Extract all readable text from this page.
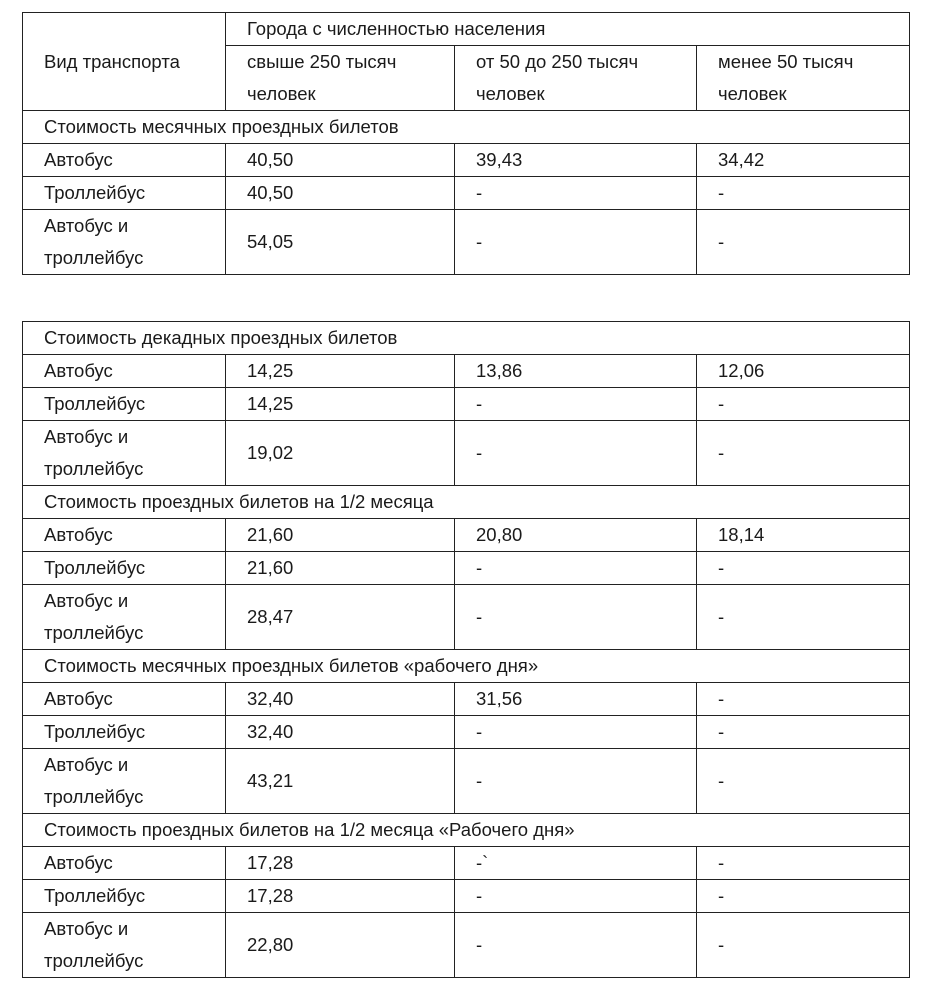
Вид транспорта	Города с численностью населения		
	свыше 250 тысяч человек	от 50 до 250 тысяч человек	менее 50 тысяч человек
Стоимость месячных проездных билетов			
Автобус	40,50	39,43	34,42
Троллейбус	40,50	-	-
Автобус и троллейбус	54,05	-	-
Стоимость декадных проездных билетов			
Автобус	14,25	13,86	12,06
Троллейбус	14,25	-	-
Автобус и троллейбус	19,02	-	-
Стоимость проездных билетов на 1/2 месяца			
Автобус	21,60	20,80	18,14
Троллейбус	21,60	-	-
Автобус и троллейбус	28,47	-	-
Стоимость месячных проездных билетов «рабочего дня»			
Автобус	32,40	31,56	-
Троллейбус	32,40	-	-
Автобус и троллейбус	43,21	-	-
Стоимость проездных билетов на 1/2 месяца «Рабочего дня»			
Автобус	17,28	-`	-
Троллейбус	17,28	-	-
Автобус и троллейбус	22,80	-	-
